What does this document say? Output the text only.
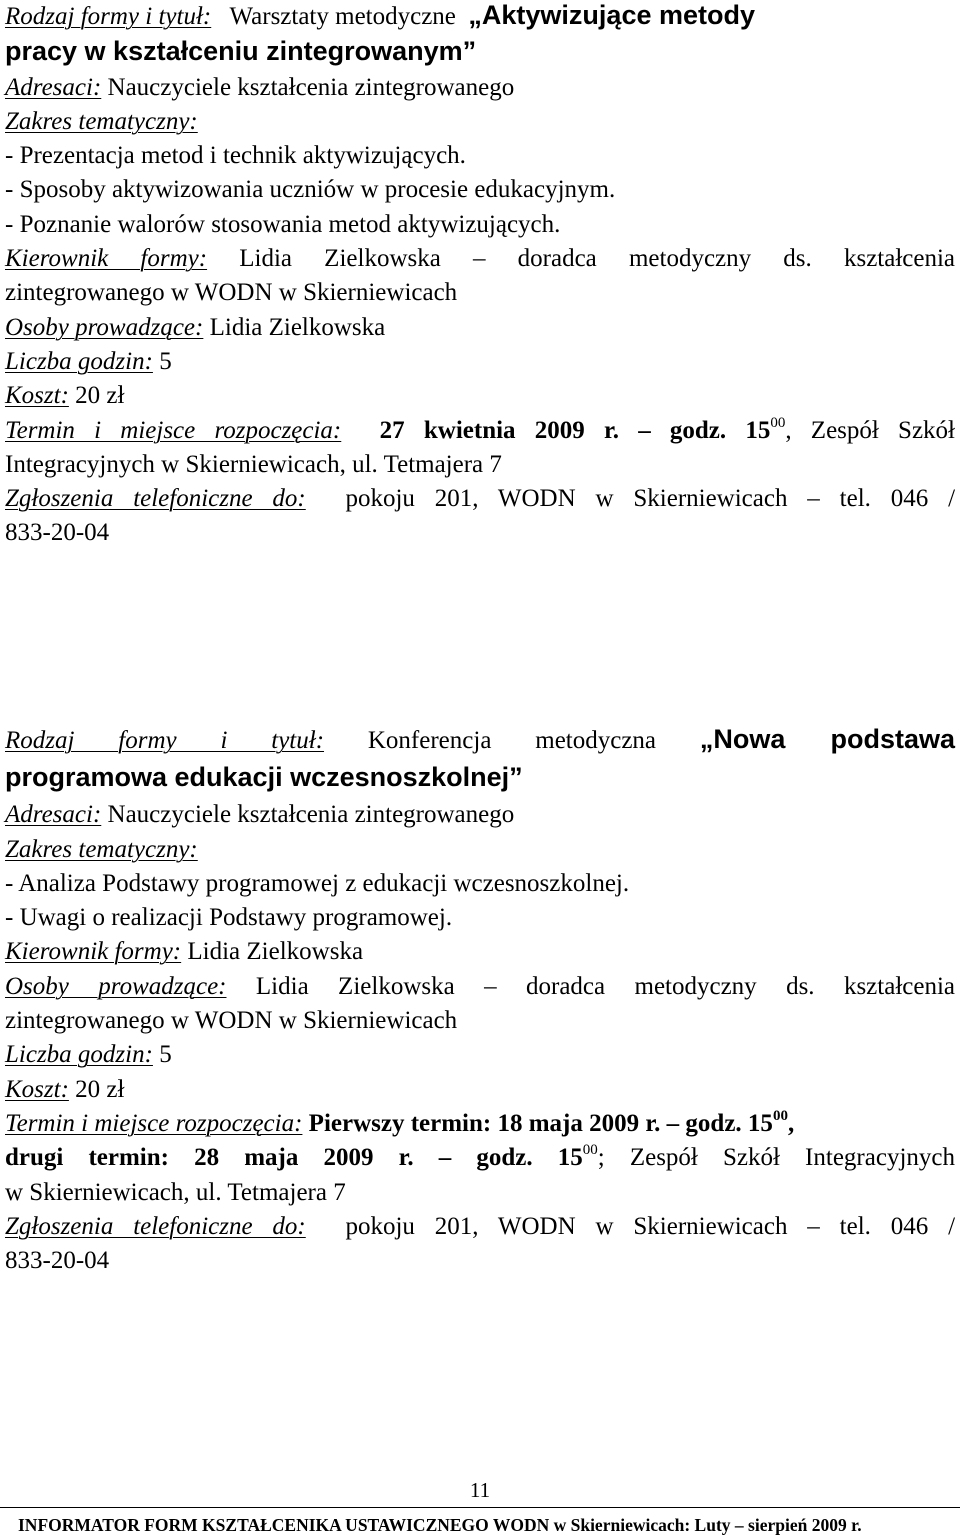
Rodzaj formy i tytuł: Warsztaty metodyczne „Aktywizujące metody
pracy w kształceniu zintegrowanym”
Adresaci: Nauczyciele kształcenia zintegrowanego
Zakres tematyczny:
- Prezentacja metod i technik aktywizujących.
- Sposoby aktywizowania uczniów w procesie edukacyjnym.
- Poznanie walorów stosowania metod aktywizujących.
Kierownik formy: Lidia Zielkowska – doradca metodyczny ds. kształcenia
zintegrowanego w WODN w Skierniewicach
Osoby prowadzące: Lidia Zielkowska
Liczba godzin: 5
Koszt: 20 zł
Termin i miejsce rozpoczęcia: 27 kwietnia 2009 r. – godz. $15^{00}$, Zespół Szkół
Integracyjnych w Skierniewicach, ul. Tetmajera 7
Zgłoszenia telefoniczne do: pokoju 201, WODN w Skierniewicach – tel. 046 /
833-20-04
Rodzaj formy i tytuł: Konferencja metodyczna „Nowa podstawa
programowa edukacji wczesnoszkolnej”
Adresaci: Nauczyciele kształcenia zintegrowanego
Zakres tematyczny:
- Analiza Podstawy programowej z edukacji wczesnoszkolnej.
- Uwagi o realizacji Podstawy programowej.
Kierownik formy: Lidia Zielkowska
Osoby prowadzące: Lidia Zielkowska – doradca metodyczny ds. kształcenia
zintegrowanego w WODN w Skierniewicach
Liczba godzin: 5
Koszt: 20 zł
Termin i miejsce rozpoczęcia: Pierwszy termin: 18 maja 2009 r. – godz. $15^{00}$,
drugi termin: 28 maja 2009 r. – godz. $15^{00}$; Zespół Szkół Integracyjnych
w Skierniewicach, ul. Tetmajera 7
Zgłoszenia telefoniczne do: pokoju 201, WODN w Skierniewicach – tel. 046 /
833-20-04
11
INFORMATOR FORM KSZTAŁCENIKA USTAWICZNEGO WODN w Skierniewicach: Luty – sierpień 2009 r.
